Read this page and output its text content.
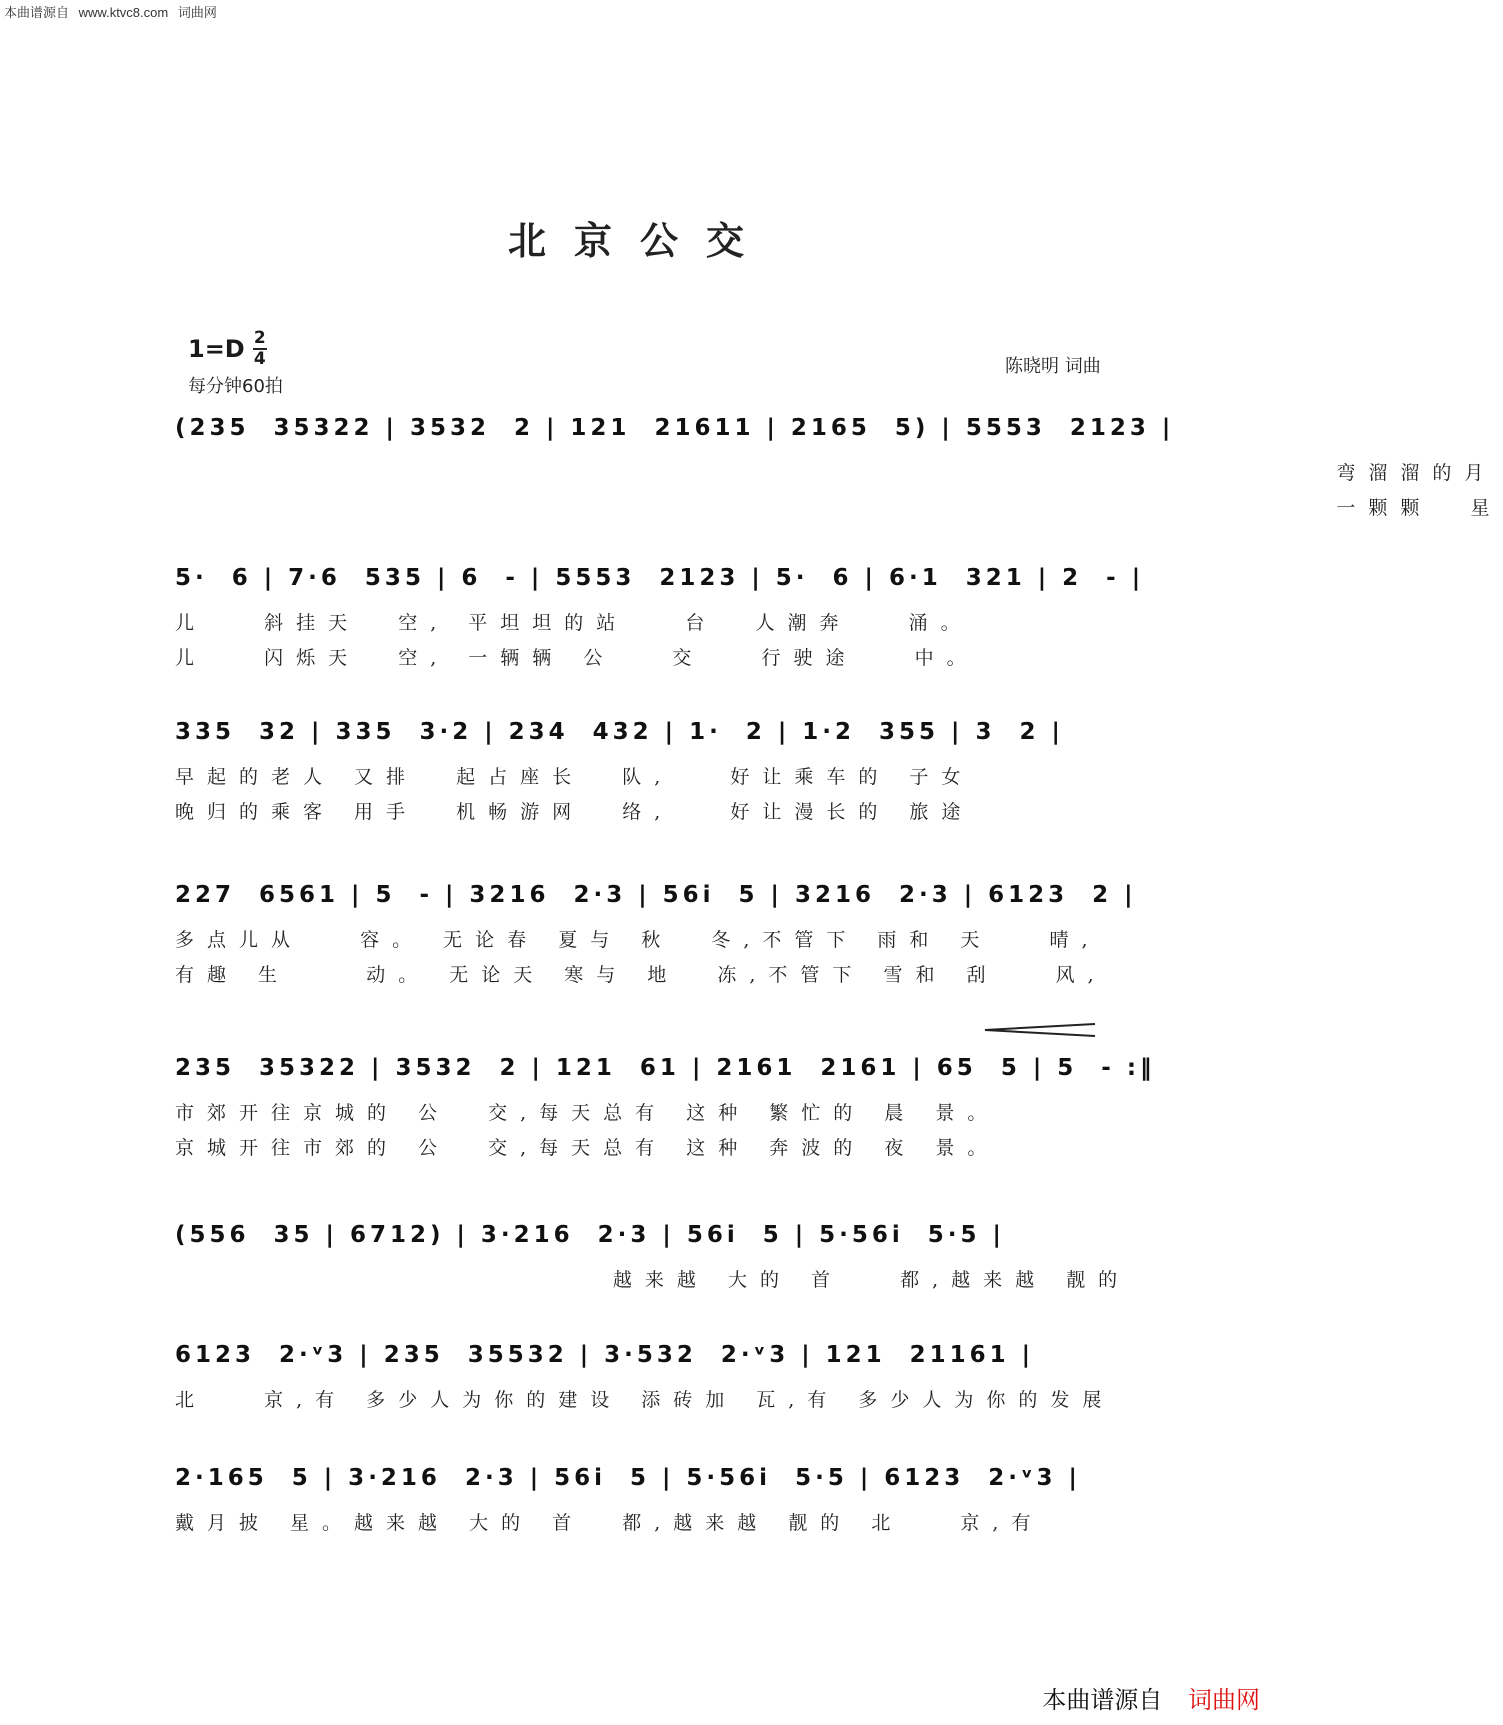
本曲谱源自 www.ktvc8.com 词曲网
北京公交
$1=D \frac{2}{4}$
每分钟60拍
陈晓明 词曲
(235  35322 | 3532  2 | 121  21611 | 2165  5) | 5553  2123 |
弯溜溜的月
一颗颗  星
5·  6 | 7·6  535 | 6  - | 5553  2123 | 5·  6 | 6·1  321 | 2  - |
儿   斜挂天  空, 平坦坦的站   台  人潮奔   涌。
儿   闪烁天  空, 一辆辆 公   交   行驶途   中。
335  32 | 335  3·2 | 234  432 | 1·  2 | 1·2  355 | 3  2 |
早起的老人 又排  起占座长  队,   好让乘车的 子女
晚归的乘客 用手  机畅游网  络,   好让漫长的 旅途
227  6561 | 5  - | 3216  2·3 | 56i  5 | 3216  2·3 | 6123  2 |
多点儿从   容。 无论春 夏与 秋  冬,不管下 雨和 天   晴,
有趣 生    动。 无论天 寒与 地  冻,不管下 雪和 刮   风,
235  35322 | 3532  2 | 121  61 | 2161  2161 | 65  5 | 5  - :‖
市郊开往京城的 公  交,每天总有 这种 繁忙的 晨 景。
京城开往市郊的 公  交,每天总有 这种 奔波的 夜 景。
(556  35 | 6712) | 3·216  2·3 | 56i  5 | 5·56i  5·5 |
越来越 大的 首   都,越来越 靓的
6123  2·ᵛ3 | 235  35532 | 3·532  2·ᵛ3 | 121  21161 |
北   京,有 多少人为你的建设 添砖加 瓦,有 多少人为你的发展
2·165  5 | 3·216  2·3 | 56i  5 | 5·56i  5·5 | 6123  2·ᵛ3 |
戴月披 星。越来越 大的 首  都,越来越 靓的 北   京,有
本曲谱源自 词曲网
